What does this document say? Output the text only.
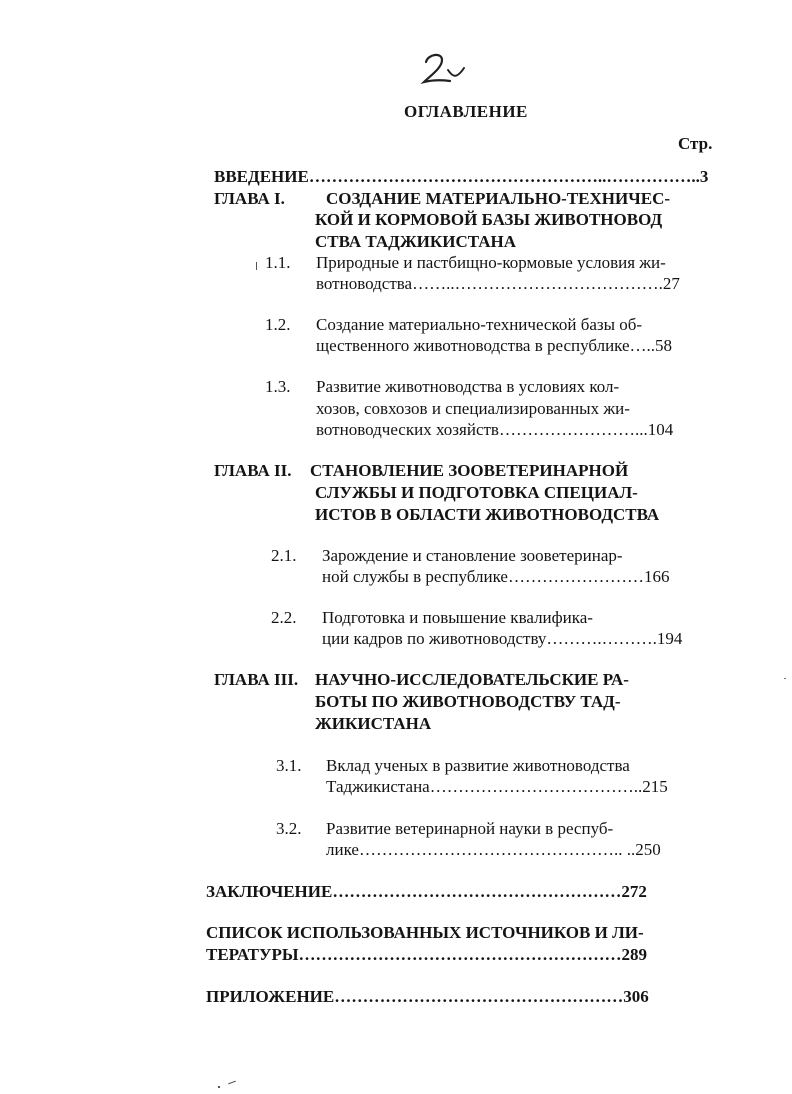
2
ОГЛАВЛЕНИЕ
Стр.
ВВЕДЕНИЕ……………………………………………..……………..3
ГЛАВА I. СОЗДАНИЕ МАТЕРИАЛЬНО-ТЕХНИЧЕС-
КОЙ И КОРМОВОЙ БАЗЫ ЖИВОТНОВОД
СТВА ТАДЖИКИСТАНА
1.1. Природные и пастбищно-кормовые условия жи-
вотноводства……..……………………………….27
1.2. Создание материально-технической базы об-
щественного животноводства в республике…..58
1.3. Развитие животноводства в условиях кол-
хозов, совхозов и специализированных жи-
вотноводческих хозяйств……………………...104
ГЛАВА II. СТАНОВЛЕНИЕ ЗООВЕТЕРИНАРНОЙ
СЛУЖБЫ И ПОДГОТОВКА СПЕЦИАЛ-
ИСТОВ В ОБЛАСТИ ЖИВОТНОВОДСТВА
2.1. Зарождение и становление зооветеринар-
ной службы в республике……………………166
2.2. Подготовка и повышение квалифика-
ции кадров по животноводству……….……….194
ГЛАВА III. НАУЧНО-ИССЛЕДОВАТЕЛЬСКИЕ РА-
БОТЫ ПО ЖИВОТНОВОДСТВУ ТАД-
ЖИКИСТАНА
3.1. Вклад ученых в развитие животноводства
Таджикистана………………………………..215
3.2. Развитие ветеринарной науки в респуб-
лике……………………………………….. ..250
ЗАКЛЮЧЕНИЕ……………………………………………272
СПИСОК ИСПОЛЬЗОВАННЫХ ИСТОЧНИКОВ И ЛИ-
ТЕРАТУРЫ…………………………………………………289
ПРИЛОЖЕНИЕ……………………………………………306
